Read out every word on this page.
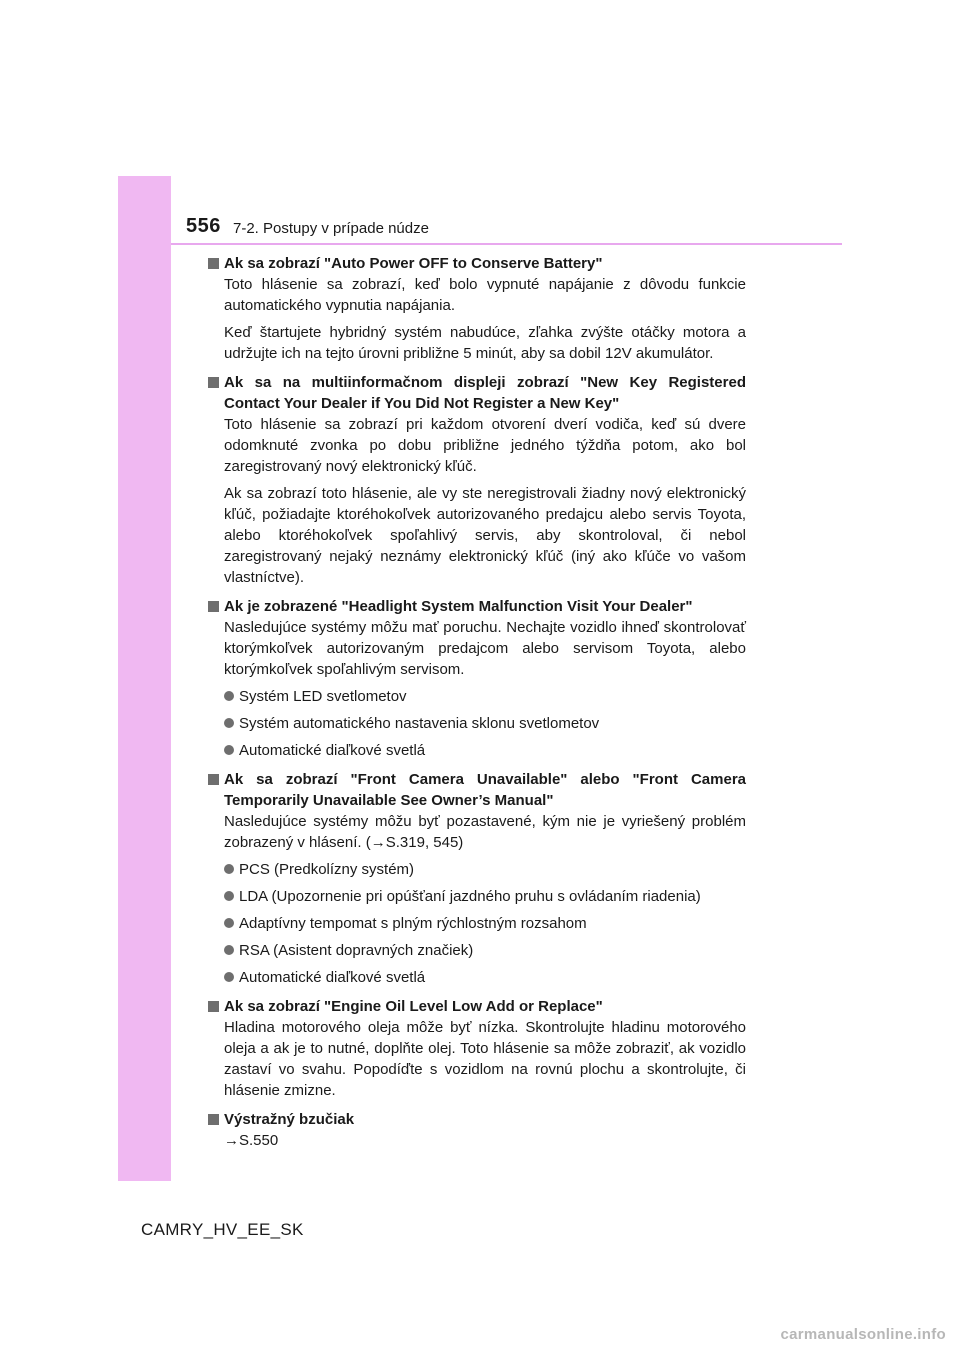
556 7-2. Postupy v prípade núdze
Ak sa zobrazí "Auto Power OFF to Conserve Battery"

Toto hlásenie sa zobrazí, keď bolo vypnuté napájanie z dôvodu funkcie automatického vypnutia napájania.

Keď štartujete hybridný systém nabudúce, zľahka zvýšte otáčky motora a udržujte ich na tejto úrovni približne 5 minút, aby sa dobil 12V akumulátor.

Ak sa na multiinformačnom displeji zobrazí "New Key Registered Contact Your Dealer if You Did Not Register a New Key"

Toto hlásenie sa zobrazí pri každom otvorení dverí vodiča, keď sú dvere odomknuté zvonka po dobu približne jedného týždňa potom, ako bol zaregistrovaný nový elektronický kľúč.

Ak sa zobrazí toto hlásenie, ale vy ste neregistrovali žiadny nový elektronický kľúč, požiadajte ktoréhokoľvek autorizovaného predajcu alebo servis Toyota, alebo ktoréhokoľvek spoľahlivý servis, aby skontroloval, či nebol zaregistrovaný nejaký neznámy elektronický kľúč (iný ako kľúče vo vašom vlastníctve).

Ak je zobrazené "Headlight System Malfunction Visit Your Dealer"

Nasledujúce systémy môžu mať poruchu. Nechajte vozidlo ihneď skontrolovať ktorýmkoľvek autorizovaným predajcom alebo servisom Toyota, alebo ktorýmkoľvek spoľahlivým servisom.

Systém LED svetlometov
Systém automatického nastavenia sklonu svetlometov
Automatické diaľkové svetlá
Ak sa zobrazí "Front Camera Unavailable" alebo "Front Camera Temporarily Unavailable See Owner’s Manual"

Nasledujúce systémy môžu byť pozastavené, kým nie je vyriešený problém zobrazený v hlásení. (→S.319, 545)

PCS (Predkolízny systém)
LDA (Upozornenie pri opúšťaní jazdného pruhu s ovládaním riadenia)
Adaptívny tempomat s plným rýchlostným rozsahom
RSA (Asistent dopravných značiek)
Automatické diaľkové svetlá
Ak sa zobrazí "Engine Oil Level Low Add or Replace"

Hladina motorového oleja môže byť nízka. Skontrolujte hladinu motorového oleja a ak je to nutné, doplňte olej. Toto hlásenie sa môže zobraziť, ak vozidlo zastaví vo svahu. Popodíďte s vozidlom na rovnú plochu a skontrolujte, či hlásenie zmizne.

Výstražný bzučiak

→S.550

CAMRY_HV_EE_SK
carmanualsonline.info
